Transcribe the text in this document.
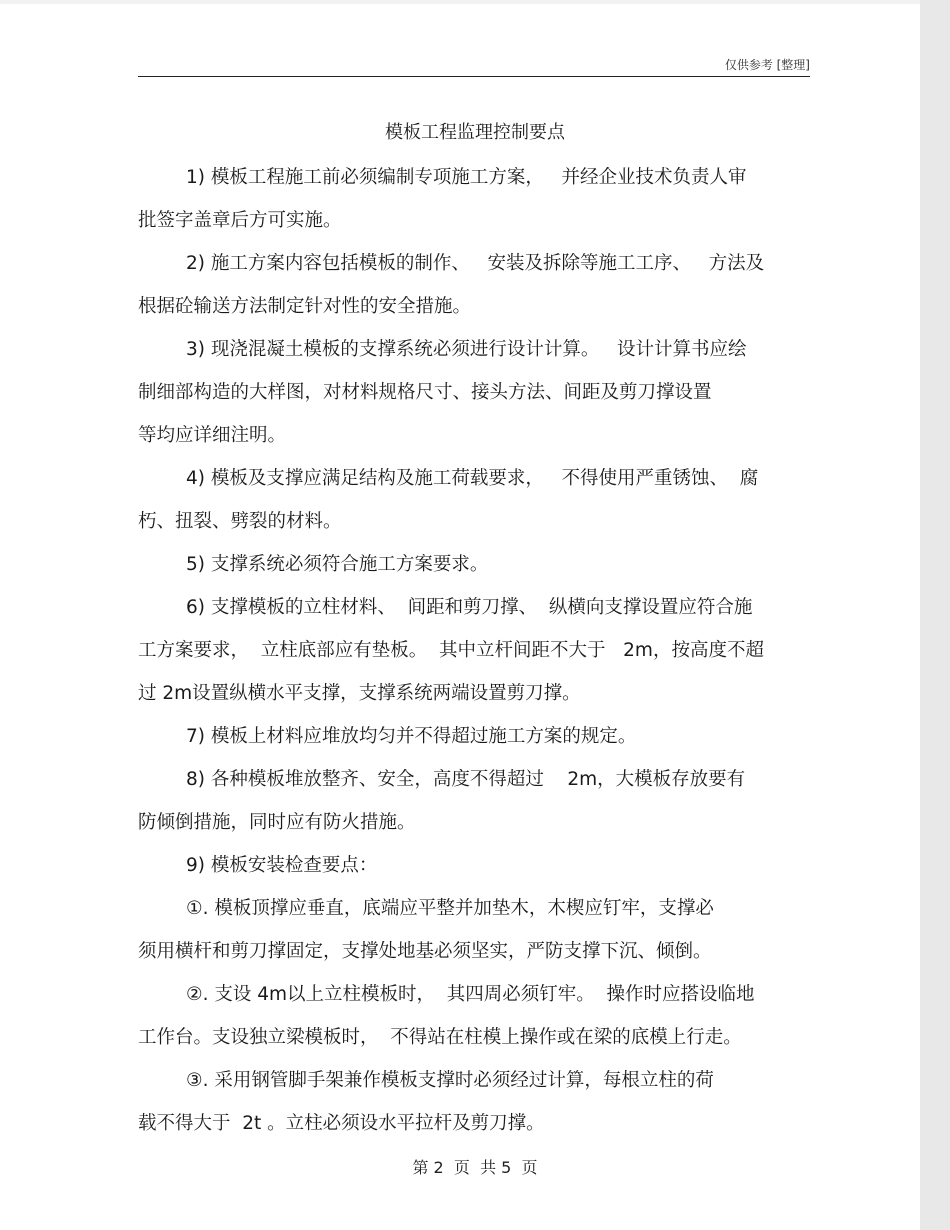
仅供参考 [整理]
模板工程监理控制要点
1) 模板工程施工前必须编制专项施工方案，   并经企业技术负责人审
批签字盖章后方可实施。
2) 施工方案内容包括模板的制作、   安装及拆除等施工工序、   方法及
根据砼输送方法制定针对性的安全措施。
3) 现浇混凝土模板的支撑系统必须进行设计计算。   设计计算书应绘
制细部构造的大样图，对材料规格尺寸、接头方法、间距及剪刀撑设置
等均应详细注明。
4) 模板及支撑应满足结构及施工荷载要求，   不得使用严重锈蚀、  腐
朽、扭裂、劈裂的材料。
5) 支撑系统必须符合施工方案要求。
6) 支撑模板的立柱材料、  间距和剪刀撑、  纵横向支撑设置应符合施
工方案要求，  立柱底部应有垫板。  其中立杆间距不大于   2m，按高度不超
过 2m设置纵横水平支撑，支撑系统两端设置剪刀撑。
7) 模板上材料应堆放均匀并不得超过施工方案的规定。
8) 各种模板堆放整齐、安全，高度不得超过    2m，大模板存放要有
防倾倒措施，同时应有防火措施。
9) 模板安装检查要点：
①. 模板顶撑应垂直，底端应平整并加垫木，木楔应钉牢，支撑必
须用横杆和剪刀撑固定，支撑处地基必须坚实，严防支撑下沉、倾倒。
②. 支设 4m以上立柱模板时，  其四周必须钉牢。  操作时应搭设临地
工作台。支设独立梁模板时，  不得站在柱模上操作或在梁的底模上行走。
③. 采用钢管脚手架兼作模板支撑时必须经过计算，每根立柱的荷
载不得大于  2t 。立柱必须设水平拉杆及剪刀撑。
第 2  页  共 5  页
